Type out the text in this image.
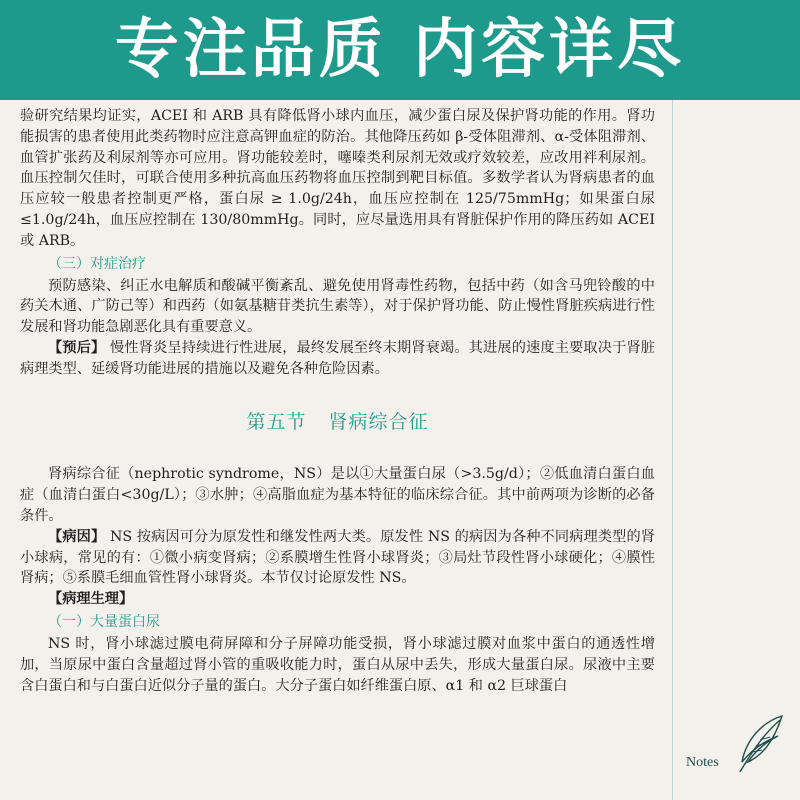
专注品质 内容详尽

验研究结果均证实，ACEI 和 ARB 具有降低肾小球内血压，减少蛋白尿及保护肾功能的作用。肾功能损害的患者使用此类药物时应注意高钾血症的防治。其他降压药如 β-受体阻滞剂、α-受体阻滞剂、血管扩张药及利尿剂等亦可应用。肾功能较差时，噻嗪类利尿剂无效或疗效较差，应改用袢利尿剂。血压控制欠佳时，可联合使用多种抗高血压药物将血压控制到靶目标值。多数学者认为肾病患者的血压应较一般患者控制更严格，蛋白尿 ≥ 1.0g/24h，血压应控制在 125/75mmHg；如果蛋白尿 ≤1.0g/24h，血压应控制在 130/80mmHg。同时，应尽量选用具有肾脏保护作用的降压药如 ACEI 或 ARB。

（三）对症治疗

预防感染、纠正水电解质和酸碱平衡紊乱、避免使用肾毒性药物，包括中药（如含马兜铃酸的中药关木通、广防己等）和西药（如氨基糖苷类抗生素等），对于保护肾功能、防止慢性肾脏疾病进行性发展和肾功能急剧恶化具有重要意义。

【预后】 慢性肾炎呈持续进行性进展，最终发展至终末期肾衰竭。其进展的速度主要取决于肾脏病理类型、延缓肾功能进展的措施以及避免各种危险因素。

第五节 肾病综合征

肾病综合征（nephrotic syndrome，NS）是以①大量蛋白尿（>3.5g/d）；②低血清白蛋白血症（血清白蛋白<30g/L）；③水肿；④高脂血症为基本特征的临床综合征。其中前两项为诊断的必备条件。

【病因】 NS 按病因可分为原发性和继发性两大类。原发性 NS 的病因为各种不同病理类型的肾小球病，常见的有：①微小病变肾病；②系膜增生性肾小球肾炎；③局灶节段性肾小球硬化；④膜性肾病；⑤系膜毛细血管性肾小球肾炎。本节仅讨论原发性 NS。

【病理生理】

（一）大量蛋白尿

NS 时，肾小球滤过膜电荷屏障和分子屏障功能受损，肾小球滤过膜对血浆中蛋白的通透性增加，当原尿中蛋白含量超过肾小管的重吸收能力时，蛋白从尿中丢失，形成大量蛋白尿。尿液中主要含白蛋白和与白蛋白近似分子量的蛋白。大分子蛋白如纤维蛋白原、α1 和 α2 巨球蛋白

Notes
